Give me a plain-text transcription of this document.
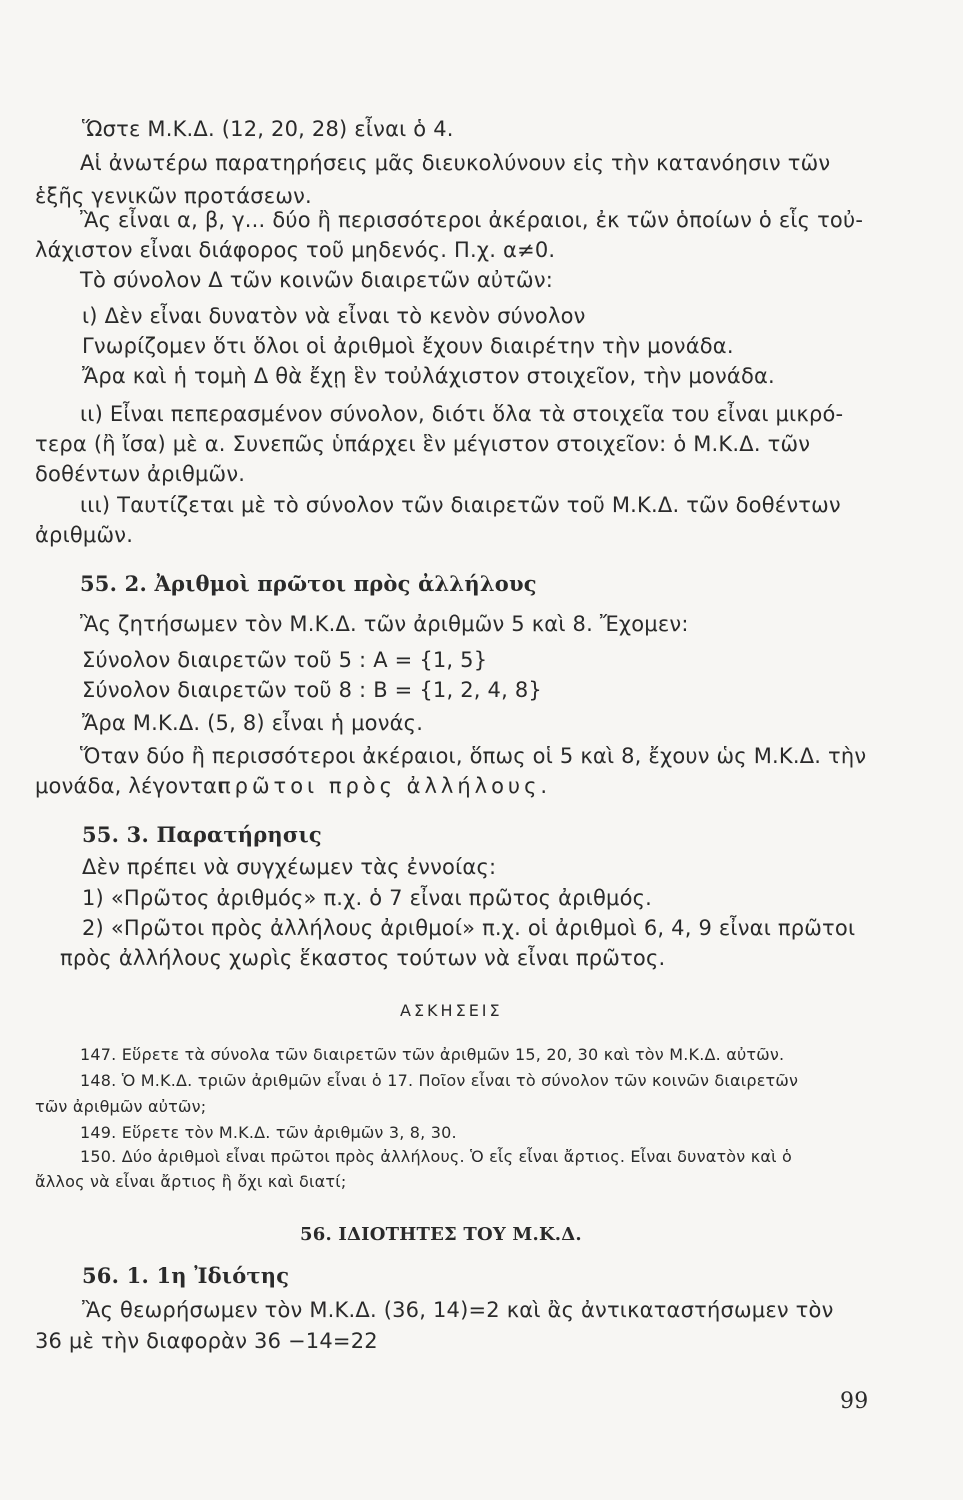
Ὥστε Μ.Κ.Δ. (12, 20, 28) εἶναι ὁ 4.
Αἱ ἀνωτέρω παρατηρήσεις μᾶς διευκολύνουν εἰς τὴν κατανόησιν τῶν
ἑξῆς γενικῶν προτάσεων.
Ἂς εἶναι α, β, γ... δύο ἢ περισσότεροι ἀκέραιοι, ἐκ τῶν ὁποίων ὁ εἷς τοὐ-
λάχιστον εἶναι διάφορος τοῦ μηδενός. Π.χ. α≠0.
Τὸ σύνολον Δ τῶν κοινῶν διαιρετῶν αὐτῶν:
ι) Δὲν εἶναι δυνατὸν νὰ εἶναι τὸ κενὸν σύνολον
Γνωρίζομεν ὅτι ὅλοι οἱ ἀριθμοὶ ἔχουν διαιρέτην τὴν μονάδα.
Ἄρα καὶ ἡ τομὴ Δ θὰ ἔχῃ ἓν τοὐλάχιστον στοιχεῖον, τὴν μονάδα.
ιι) Εἶναι πεπερασμένον σύνολον, διότι ὅλα τὰ στοιχεῖα του εἶναι μικρό-
τερα (ἢ ἴσα) μὲ α. Συνεπῶς ὑπάρχει ἓν μέγιστον στοιχεῖον: ὁ Μ.Κ.Δ. τῶν
δοθέντων ἀριθμῶν.
ιιι) Ταυτίζεται μὲ τὸ σύνολον τῶν διαιρετῶν τοῦ Μ.Κ.Δ. τῶν δοθέντων
ἀριθμῶν.
55. 2. Ἀριθμοὶ πρῶτοι πρὸς ἀλλήλους
Ἂς ζητήσωμεν τὸν Μ.Κ.Δ. τῶν ἀριθμῶν 5 καὶ 8. Ἔχομεν:
Σύνολον διαιρετῶν τοῦ 5 : A = {1, 5}
Σύνολον διαιρετῶν τοῦ 8 : B = {1, 2, 4, 8}
Ἄρα Μ.Κ.Δ. (5, 8) εἶναι ἡ μονάς.
Ὅταν δύο ἢ περισσότεροι ἀκέραιοι, ὅπως οἱ 5 καὶ 8, ἔχουν ὡς Μ.Κ.Δ. τὴν
μονάδα, λέγονται
πρῶτοι πρὸς ἀλλήλους.
55. 3. Παρατήρησις
Δὲν πρέπει νὰ συγχέωμεν τὰς ἐννοίας:
1) «Πρῶτος ἀριθμός» π.χ. ὁ 7 εἶναι πρῶτος ἀριθμός.
2) «Πρῶτοι πρὸς ἀλλήλους ἀριθμοί» π.χ. οἱ ἀριθμοὶ 6, 4, 9 εἶναι πρῶτοι
πρὸς ἀλλήλους χωρὶς ἕκαστος τούτων νὰ εἶναι πρῶτος.
ΑΣΚΗΣΕΙΣ
147. Εὕρετε τὰ σύνολα τῶν διαιρετῶν τῶν ἀριθμῶν 15, 20, 30 καὶ τὸν Μ.Κ.Δ. αὐτῶν.
148. Ὁ Μ.Κ.Δ. τριῶν ἀριθμῶν εἶναι ὁ 17. Ποῖον εἶναι τὸ σύνολον τῶν κοινῶν διαιρετῶν
τῶν ἀριθμῶν αὐτῶν;
149. Εὕρετε τὸν Μ.Κ.Δ. τῶν ἀριθμῶν 3, 8, 30.
150. Δύο ἀριθμοὶ εἶναι πρῶτοι πρὸς ἀλλήλους. Ὁ εἷς εἶναι ἄρτιος. Εἶναι δυνατὸν καὶ ὁ
ἄλλος νὰ εἶναι ἄρτιος ἢ ὄχι καὶ διατί;
56. ΙΔΙΟΤΗΤΕΣ ΤΟΥ Μ.Κ.Δ.
56. 1. 1η Ἰδιότης
Ἂς θεωρήσωμεν τὸν Μ.Κ.Δ. (36, 14)=2 καὶ ἂς ἀντικαταστήσωμεν τὸν
36 μὲ τὴν διαφορὰν 36 −14=22
99
